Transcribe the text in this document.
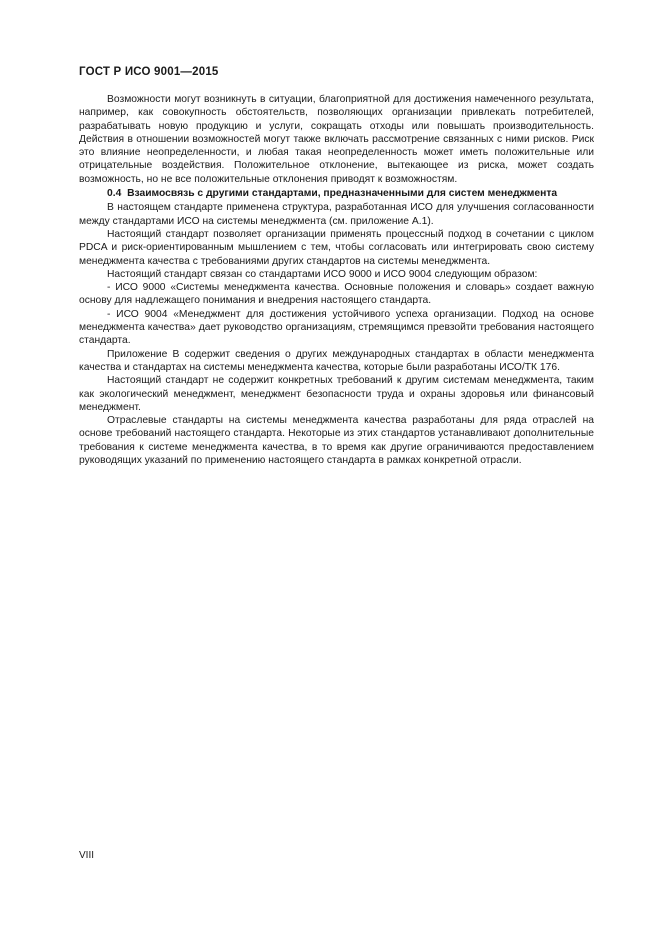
ГОСТ Р ИСО 9001—2015

Возможности могут возникнуть в ситуации, благоприятной для достижения намеченного результата, например, как совокупность обстоятельств, позволяющих организации привлекать потребителей, разрабатывать новую продукцию и услуги, сокращать отходы или повышать производительность. Действия в отношении возможностей могут также включать рассмотрение связанных с ними рисков. Риск это влияние неопределенности, и любая такая неопределенность может иметь положительные или отрицательные воздействия. Положительное отклонение, вытекающее из риска, может создать возможность, но не все положительные отклонения приводят к возможностям.

0.4 Взаимосвязь с другими стандартами, предназначенными для систем менеджмента

В настоящем стандарте применена структура, разработанная ИСО для улучшения согласованности между стандартами ИСО на системы менеджмента (см. приложение А.1).

Настоящий стандарт позволяет организации применять процессный подход в сочетании с циклом PDCA и риск-ориентированным мышлением с тем, чтобы согласовать или интегрировать свою систему менеджмента качества с требованиями других стандартов на системы менеджмента.

Настоящий стандарт связан со стандартами ИСО 9000 и ИСО 9004 следующим образом:

- ИСО 9000 «Системы менеджмента качества. Основные положения и словарь» создает важную основу для надлежащего понимания и внедрения настоящего стандарта.

- ИСО 9004 «Менеджмент для достижения устойчивого успеха организации. Подход на основе менеджмента качества» дает руководство организациям, стремящимся превзойти требования настоящего стандарта.

Приложение В содержит сведения о других международных стандартах в области менеджмента качества и стандартах на системы менеджмента качества, которые были разработаны ИСО/ТК 176.

Настоящий стандарт не содержит конкретных требований к другим системам менеджмента, таким как экологический менеджмент, менеджмент безопасности труда и охраны здоровья или финансовый менеджмент.

Отраслевые стандарты на системы менеджмента качества разработаны для ряда отраслей на основе требований настоящего стандарта. Некоторые из этих стандартов устанавливают дополнительные требования к системе менеджмента качества, в то время как другие ограничиваются предоставлением руководящих указаний по применению настоящего стандарта в рамках конкретной отрасли.

VIII
